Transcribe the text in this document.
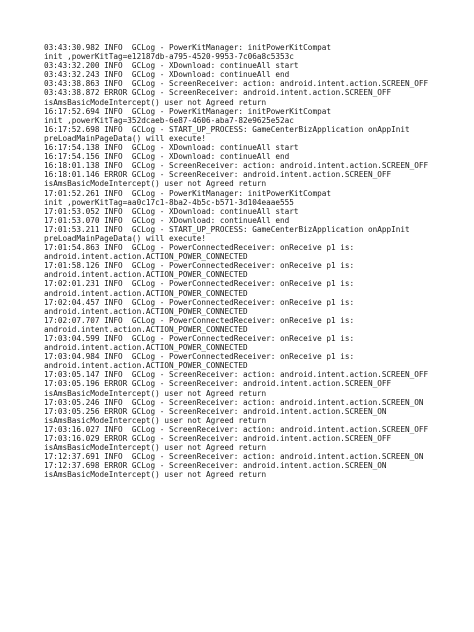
03:43:30.982 INFO  GCLog - PowerKitManager: initPowerKitCompat
init ,powerKitTag=e12187db-a795-4520-9953-7c06a8c5353c
03:43:32.200 INFO  GCLog - XDownload: continueAll start
03:43:32.243 INFO  GCLog - XDownload: continueAll end
03:43:38.863 INFO  GCLog - ScreenReceiver: action: android.intent.action.SCREEN_OFF
03:43:38.872 ERROR GCLog - ScreenReceiver: android.intent.action.SCREEN_OFF
isAmsBasicModeIntercept() user not Agreed return
16:17:52.694 INFO  GCLog - PowerKitManager: initPowerKitCompat
init ,powerKitTag=352dcaeb-6e87-4606-aba7-82e9625e52ac
16:17:52.698 INFO  GCLog - START_UP_PROCESS: GameCenterBizApplication onAppInit
preLoadMainPageData() will execute!
16:17:54.138 INFO  GCLog - XDownload: continueAll start
16:17:54.156 INFO  GCLog - XDownload: continueAll end
16:18:01.138 INFO  GCLog - ScreenReceiver: action: android.intent.action.SCREEN_OFF
16:18:01.146 ERROR GCLog - ScreenReceiver: android.intent.action.SCREEN_OFF
isAmsBasicModeIntercept() user not Agreed return
17:01:52.261 INFO  GCLog - PowerKitManager: initPowerKitCompat
init ,powerKitTag=aa0c17c1-8ba2-4b5c-b571-3d104eaae555
17:01:53.052 INFO  GCLog - XDownload: continueAll start
17:01:53.070 INFO  GCLog - XDownload: continueAll end
17:01:53.211 INFO  GCLog - START_UP_PROCESS: GameCenterBizApplication onAppInit
preLoadMainPageData() will execute!
17:01:54.863 INFO  GCLog - PowerConnectedReceiver: onReceive p1 is:
android.intent.action.ACTION_POWER_CONNECTED
17:01:58.126 INFO  GCLog - PowerConnectedReceiver: onReceive p1 is:
android.intent.action.ACTION_POWER_CONNECTED
17:02:01.231 INFO  GCLog - PowerConnectedReceiver: onReceive p1 is:
android.intent.action.ACTION_POWER_CONNECTED
17:02:04.457 INFO  GCLog - PowerConnectedReceiver: onReceive p1 is:
android.intent.action.ACTION_POWER_CONNECTED
17:02:07.707 INFO  GCLog - PowerConnectedReceiver: onReceive p1 is:
android.intent.action.ACTION_POWER_CONNECTED
17:03:04.599 INFO  GCLog - PowerConnectedReceiver: onReceive p1 is:
android.intent.action.ACTION_POWER_CONNECTED
17:03:04.984 INFO  GCLog - PowerConnectedReceiver: onReceive p1 is:
android.intent.action.ACTION_POWER_CONNECTED
17:03:05.147 INFO  GCLog - ScreenReceiver: action: android.intent.action.SCREEN_OFF
17:03:05.196 ERROR GCLog - ScreenReceiver: android.intent.action.SCREEN_OFF
isAmsBasicModeIntercept() user not Agreed return
17:03:05.246 INFO  GCLog - ScreenReceiver: action: android.intent.action.SCREEN_ON
17:03:05.256 ERROR GCLog - ScreenReceiver: android.intent.action.SCREEN_ON
isAmsBasicModeIntercept() user not Agreed return
17:03:16.027 INFO  GCLog - ScreenReceiver: action: android.intent.action.SCREEN_OFF
17:03:16.029 ERROR GCLog - ScreenReceiver: android.intent.action.SCREEN_OFF
isAmsBasicModeIntercept() user not Agreed return
17:12:37.691 INFO  GCLog - ScreenReceiver: action: android.intent.action.SCREEN_ON
17:12:37.698 ERROR GCLog - ScreenReceiver: android.intent.action.SCREEN_ON
isAmsBasicModeIntercept() user not Agreed return
